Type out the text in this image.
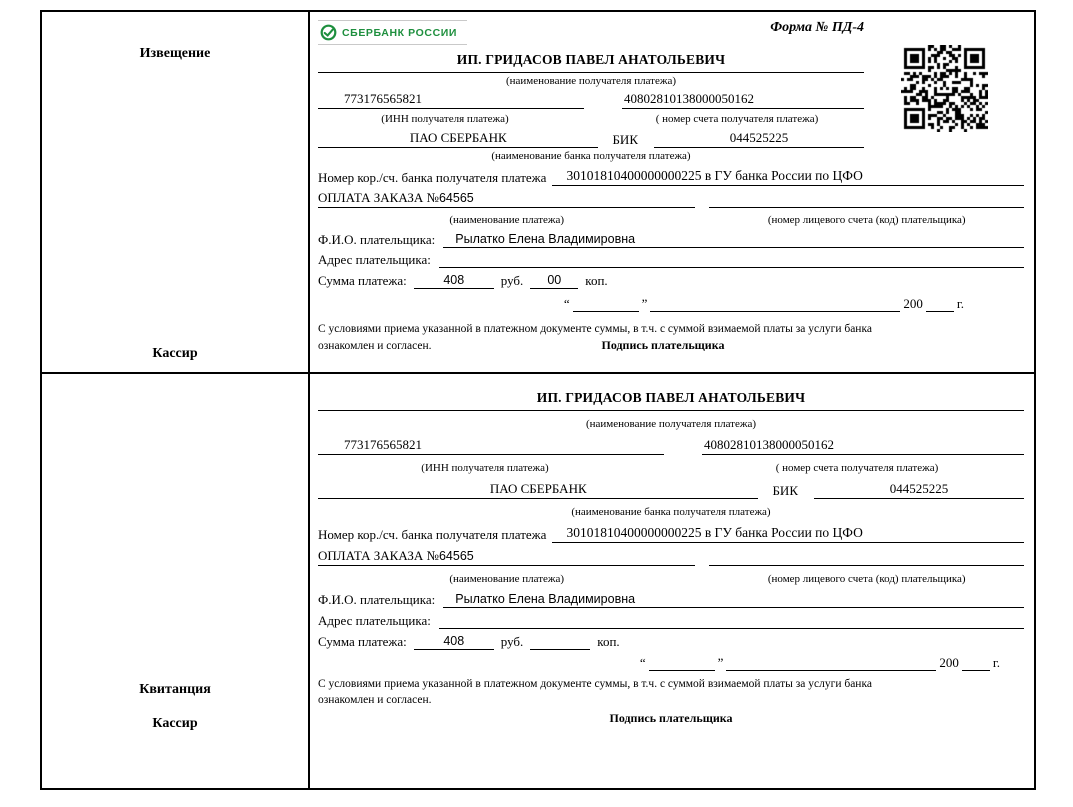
Извещение
Кассир
СБЕРБАНК РОССИИ	Форма № ПД-4
ИП. ГРИДАСОВ ПАВЕЛ АНАТОЛЬЕВИЧ
(наименование получателя платежа)
773176565821	40802810138000050162
(ИНН получателя платежа)	( номер счета получателя платежа)
ПАО СБЕРБАНК	БИК	044525225
(наименование банка получателя платежа)
Номер кор./сч. банка получателя платежа	30101810400000000225 в ГУ банка России по ЦФО
ОПЛАТА ЗАКАЗА №64565
(наименование платежа)	(номер лицевого счета (код) плательщика)
Ф.И.О. плательщика:	Рылатко Елена Владимировна
Адрес плательщика:
Сумма платежа:	408	руб.	00	коп.
“	”	200	г.
С условиями приема указанной в платежном документе суммы, в т.ч. с суммой взимаемой платы за услуги банка
ознакомлен и согласен.	Подпись плательщика
Квитанция
Кассир
ИП. ГРИДАСОВ ПАВЕЛ АНАТОЛЬЕВИЧ
(наименование получателя платежа)
773176565821	40802810138000050162
(ИНН получателя платежа)	( номер счета получателя платежа)
ПАО СБЕРБАНК	БИК	044525225
(наименование банка получателя платежа)
Номер кор./сч. банка получателя платежа	30101810400000000225 в ГУ банка России по ЦФО
ОПЛАТА ЗАКАЗА №64565
(наименование платежа)	(номер лицевого счета (код) плательщика)
Ф.И.О. плательщика:	Рылатко Елена Владимировна
Адрес плательщика:
Сумма платежа:	408	руб.	коп.
“	”	200	г.
С условиями приема указанной в платежном документе суммы, в т.ч. с суммой взимаемой платы за услуги банка
ознакомлен и согласен.
Подпись плательщика
